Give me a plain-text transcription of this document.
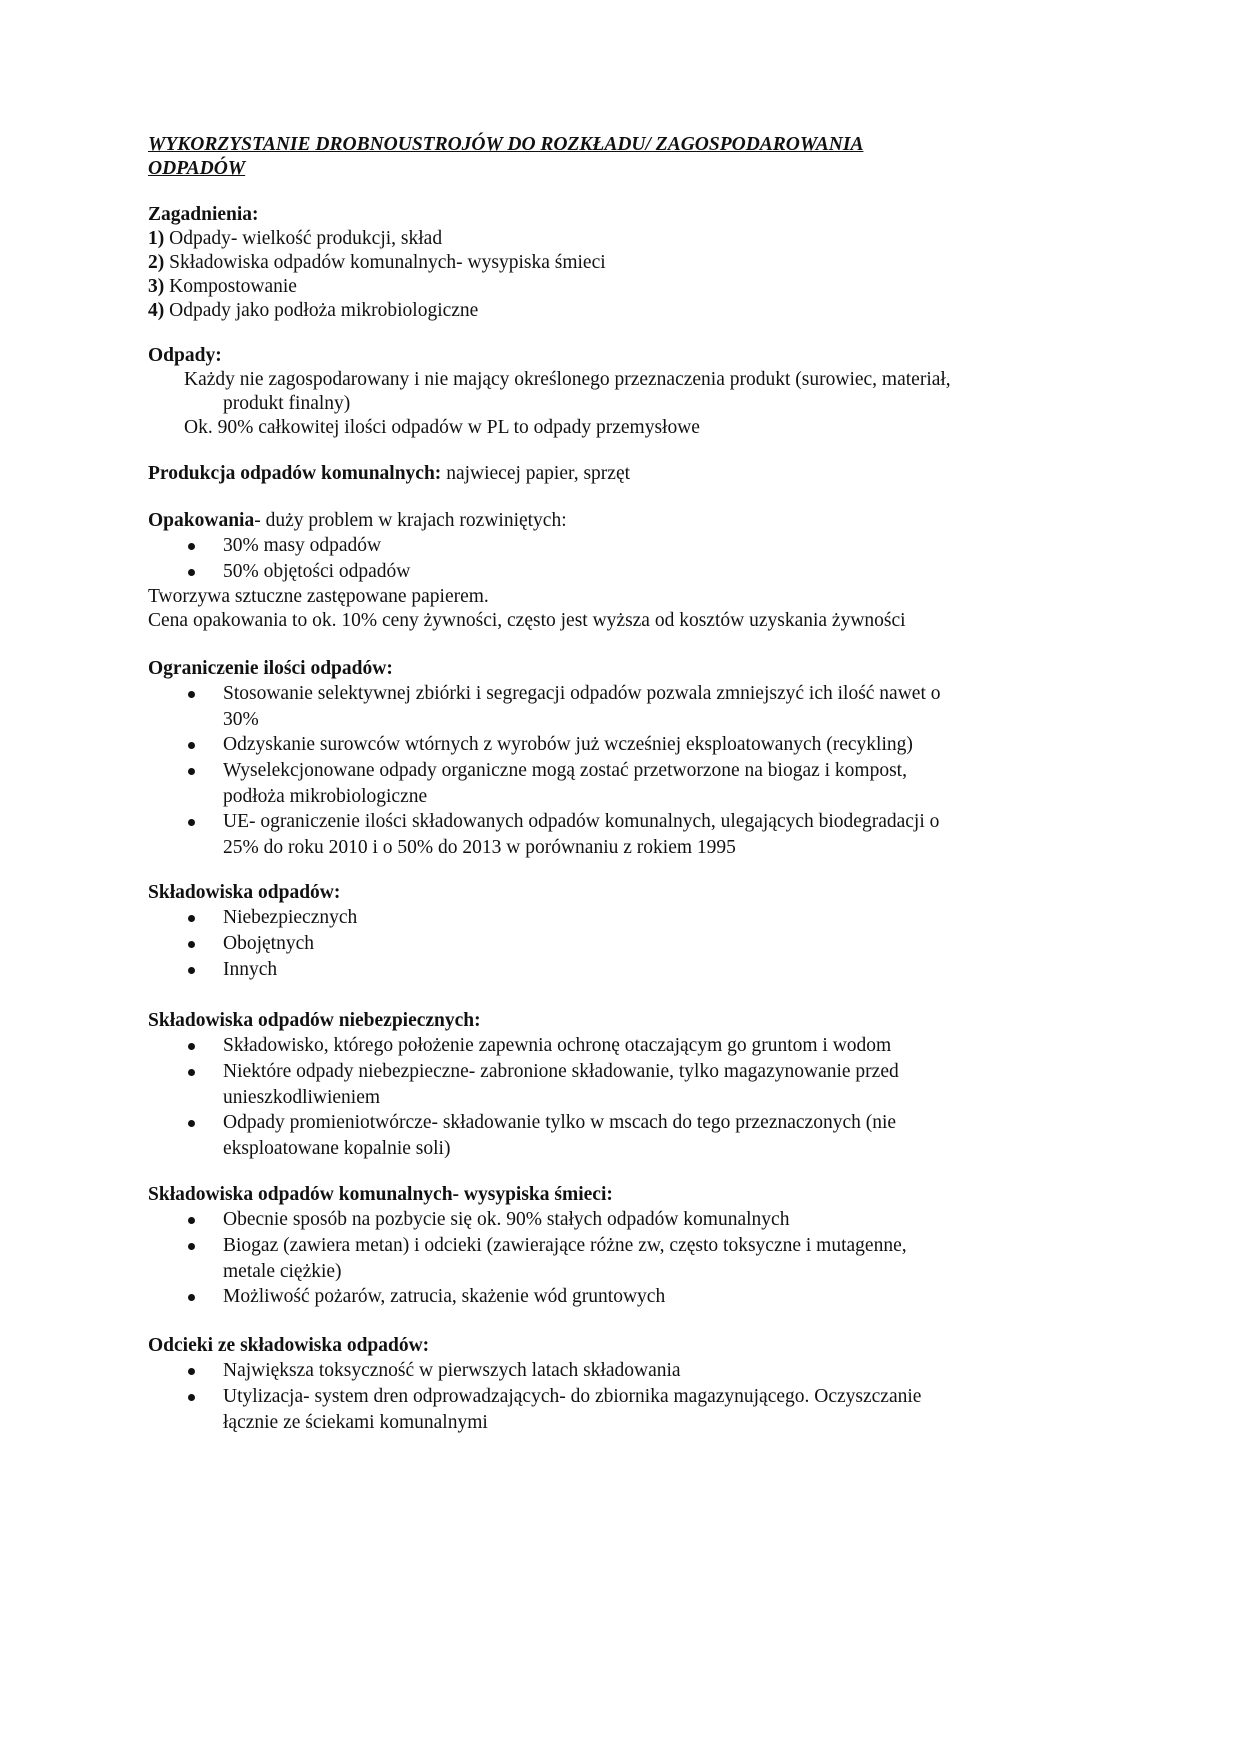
WYKORZYSTANIE DROBNOUSTROJÓW DO ROZKŁADU/ ZAGOSPODAROWANIA
ODPADÓW
Zagadnienia:
1) Odpady- wielkość produkcji, skład
2) Składowiska odpadów komunalnych- wysypiska śmieci
3) Kompostowanie
4) Odpady jako podłoża mikrobiologiczne
Odpady:
Każdy nie zagospodarowany i nie mający określonego przeznaczenia produkt (surowiec, materiał,
produkt finalny)
Ok. 90% całkowitej ilości odpadów w PL to odpady przemysłowe
Produkcja odpadów komunalnych: najwiecej papier, sprzęt
Opakowania- duży problem w krajach rozwiniętych:
30% masy odpadów
50% objętości odpadów
Tworzywa sztuczne zastępowane papierem.
Cena opakowania to ok. 10% ceny żywności, często jest wyższa od kosztów uzyskania żywności
Ograniczenie ilości odpadów:
Stosowanie selektywnej zbiórki i segregacji odpadów pozwala zmniejszyć ich ilość nawet o
30%
Odzyskanie surowców wtórnych z wyrobów już wcześniej eksploatowanych (recykling)
Wyselekcjonowane odpady organiczne mogą zostać przetworzone na biogaz i kompost,
podłoża mikrobiologiczne
UE- ograniczenie ilości składowanych odpadów komunalnych, ulegających biodegradacji o
25% do roku 2010 i o 50% do 2013 w porównaniu z rokiem 1995
Składowiska odpadów:
Niebezpiecznych
Obojętnych
Innych
Składowiska odpadów niebezpiecznych:
Składowisko, którego położenie zapewnia ochronę otaczającym go gruntom i wodom
Niektóre odpady niebezpieczne- zabronione składowanie, tylko magazynowanie przed
unieszkodliwieniem
Odpady promieniotwórcze- składowanie tylko w mscach do tego przeznaczonych (nie
eksploatowane kopalnie soli)
Składowiska odpadów komunalnych- wysypiska śmieci:
Obecnie sposób na pozbycie się ok. 90% stałych odpadów komunalnych
Biogaz (zawiera metan) i odcieki (zawierające różne zw, często toksyczne i mutagenne,
metale ciężkie)
Możliwość pożarów, zatrucia, skażenie wód gruntowych
Odcieki ze składowiska odpadów:
Największa toksyczność w pierwszych latach składowania
Utylizacja- system dren odprowadzających- do zbiornika magazynującego. Oczyszczanie
łącznie ze ściekami komunalnymi
